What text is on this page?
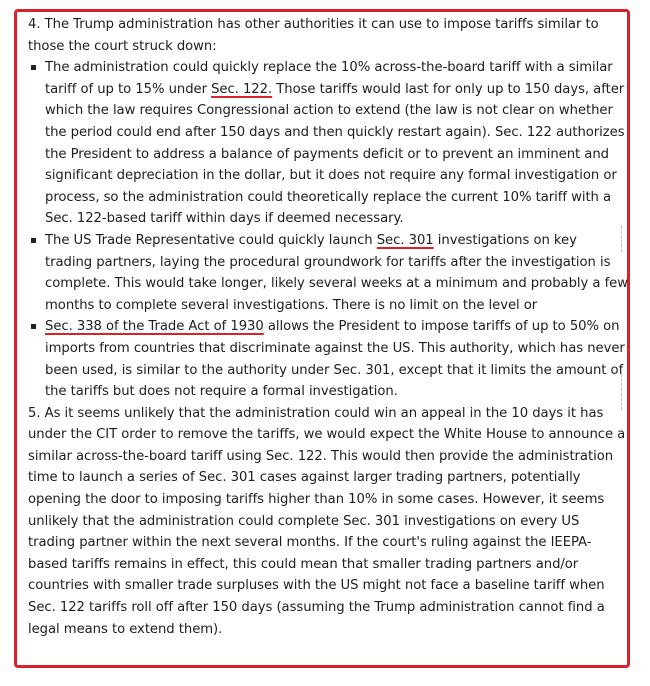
4. The Trump administration has other authorities it can use to impose tariffs similar to those the court struck down:

The administration could quickly replace the 10% across-the-board tariff with a similar tariff of up to 15% under Sec. 122. Those tariffs would last for only up to 150 days, after which the law requires Congressional action to extend (the law is not clear on whether the period could end after 150 days and then quickly restart again). Sec. 122 authorizes the President to address a balance of payments deficit or to prevent an imminent and significant depreciation in the dollar, but it does not require any formal investigation or process, so the administration could theoretically replace the current 10% tariff with a Sec. 122-based tariff within days if deemed necessary.
The US Trade Representative could quickly launch Sec. 301 investigations on key trading partners, laying the procedural groundwork for tariffs after the investigation is complete. This would take longer, likely several weeks at a minimum and probably a few months to complete several investigations. There is no limit on the level or
Sec. 338 of the Trade Act of 1930 allows the President to impose tariffs of up to 50% on imports from countries that discriminate against the US. This authority, which has never been used, is similar to the authority under Sec. 301, except that it limits the amount of the tariffs but does not require a formal investigation.

5. As it seems unlikely that the administration could win an appeal in the 10 days it has under the CIT order to remove the tariffs, we would expect the White House to announce a similar across-the-board tariff using Sec. 122. This would then provide the administration time to launch a series of Sec. 301 cases against larger trading partners, potentially opening the door to imposing tariffs higher than 10% in some cases. However, it seems unlikely that the administration could complete Sec. 301 investigations on every US trading partner within the next several months. If the court's ruling against the IEEPA-based tariffs remains in effect, this could mean that smaller trading partners and/or countries with smaller trade surpluses with the US might not face a baseline tariff when Sec. 122 tariffs roll off after 150 days (assuming the Trump administration cannot find a legal means to extend them).
